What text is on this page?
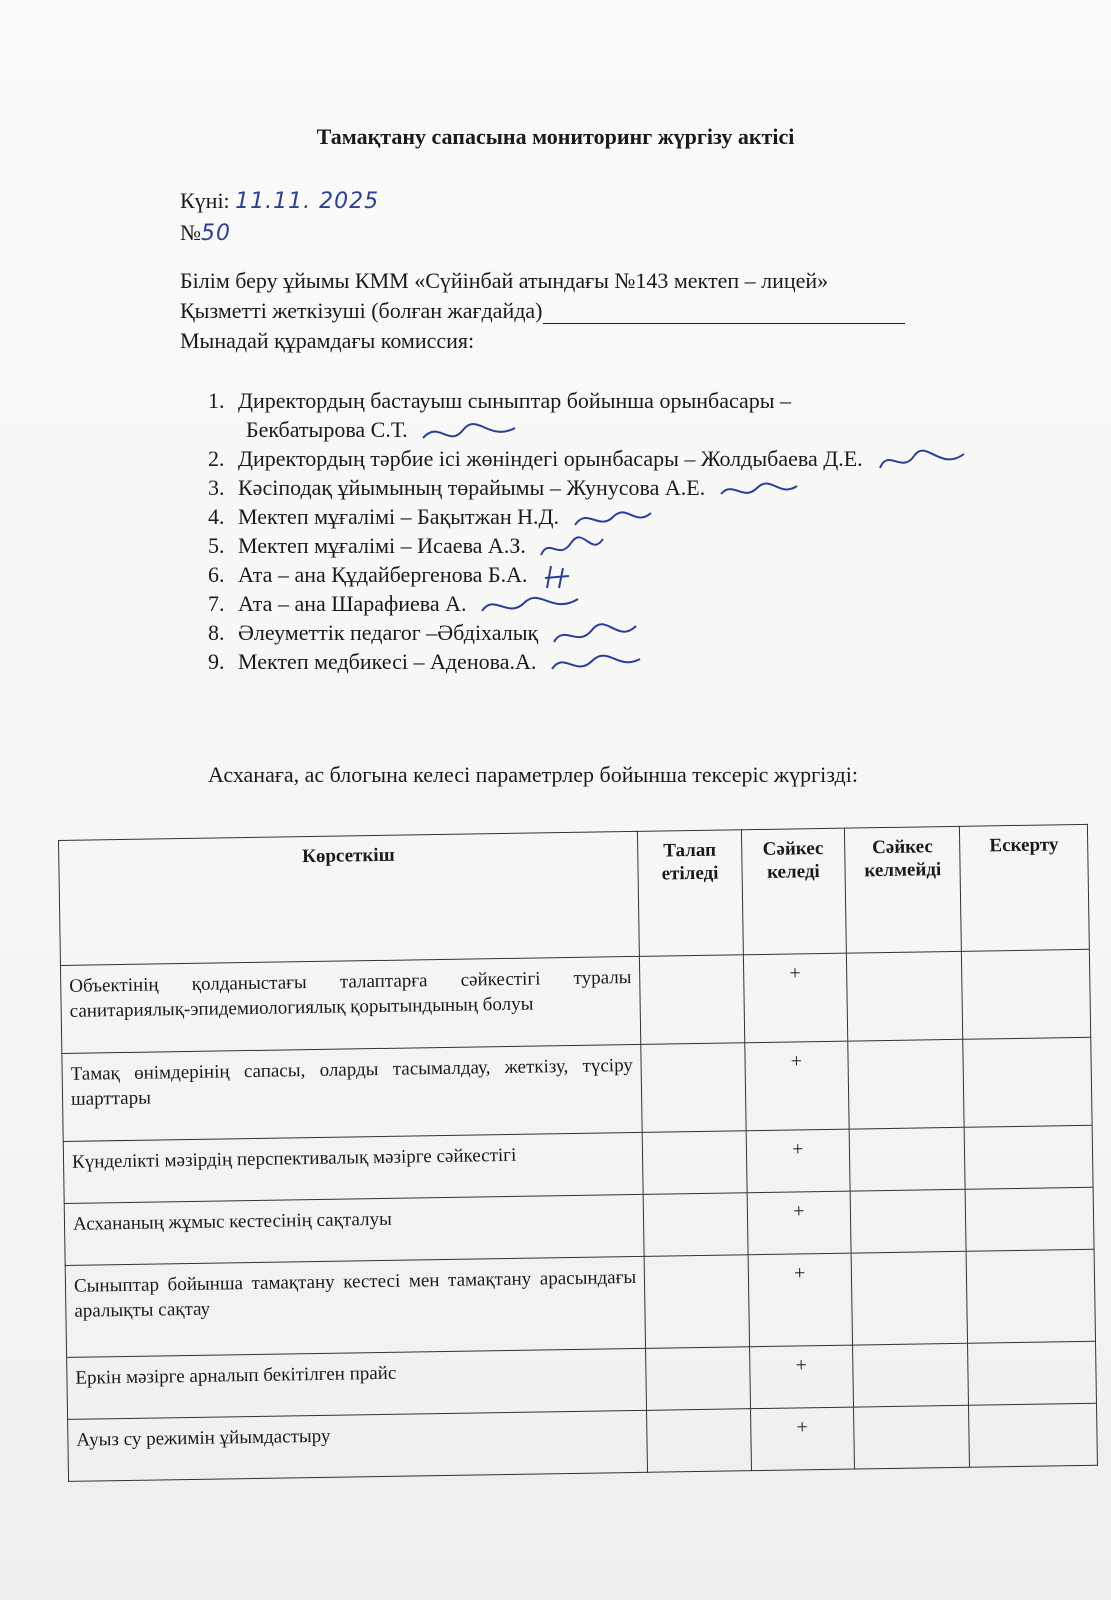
Тамақтану сапасына мониторинг жүргізу актісі
Күні: 11.11. 2025
№50
Білім беру ұйымы КММ «Сүйінбай атындағы №143 мектеп – лицей»
Қызметті жеткізуші (болған жағдайда)
Мынадай құрамдағы комиссия:
1. Директордың бастауыш сыныптар бойынша орынбасары –
Бекбатырова С.Т.
2. Директордың тәрбие ісі жөніндегі орынбасары – Жолдыбаева Д.Е.
3. Кәсіподақ ұйымының төрайымы – Жунусова А.Е.
4. Мектеп мұғалімі – Бақытжан Н.Д.
5. Мектеп мұғалімі – Исаева А.З.
6. Ата – ана Құдайбергенова Б.А.
7. Ата – ана Шарафиева А.
8. Әлеуметтік педагог –Әбдіхалық
9. Мектеп медбикесі – Аденова.А.
Асханаға, ас блогына келесі параметрлер бойынша тексеріс жүргізді:
Көрсеткіш	Талап етіледі	Сәйкес келеді	Сәйкес келмейді	Ескерту
Объектінің қолданыстағы талаптарға сәйкестігі туралы санитариялық-эпидемиологиялық қорытындының болуы		+		
Тамақ өнімдерінің сапасы, оларды тасымалдау, жеткізу, түсіру шарттары		+		
Күнделікті мәзірдің перспективалық мәзірге сәйкестігі		+		
Асхананың жұмыс кестесінің сақталуы		+		
Сыныптар бойынша тамақтану кестесі мен тамақтану арасындағы аралықты сақтау		+		
Еркін мәзірге арналып бекітілген прайс		+		
Ауыз су режимін ұйымдастыру		+		
